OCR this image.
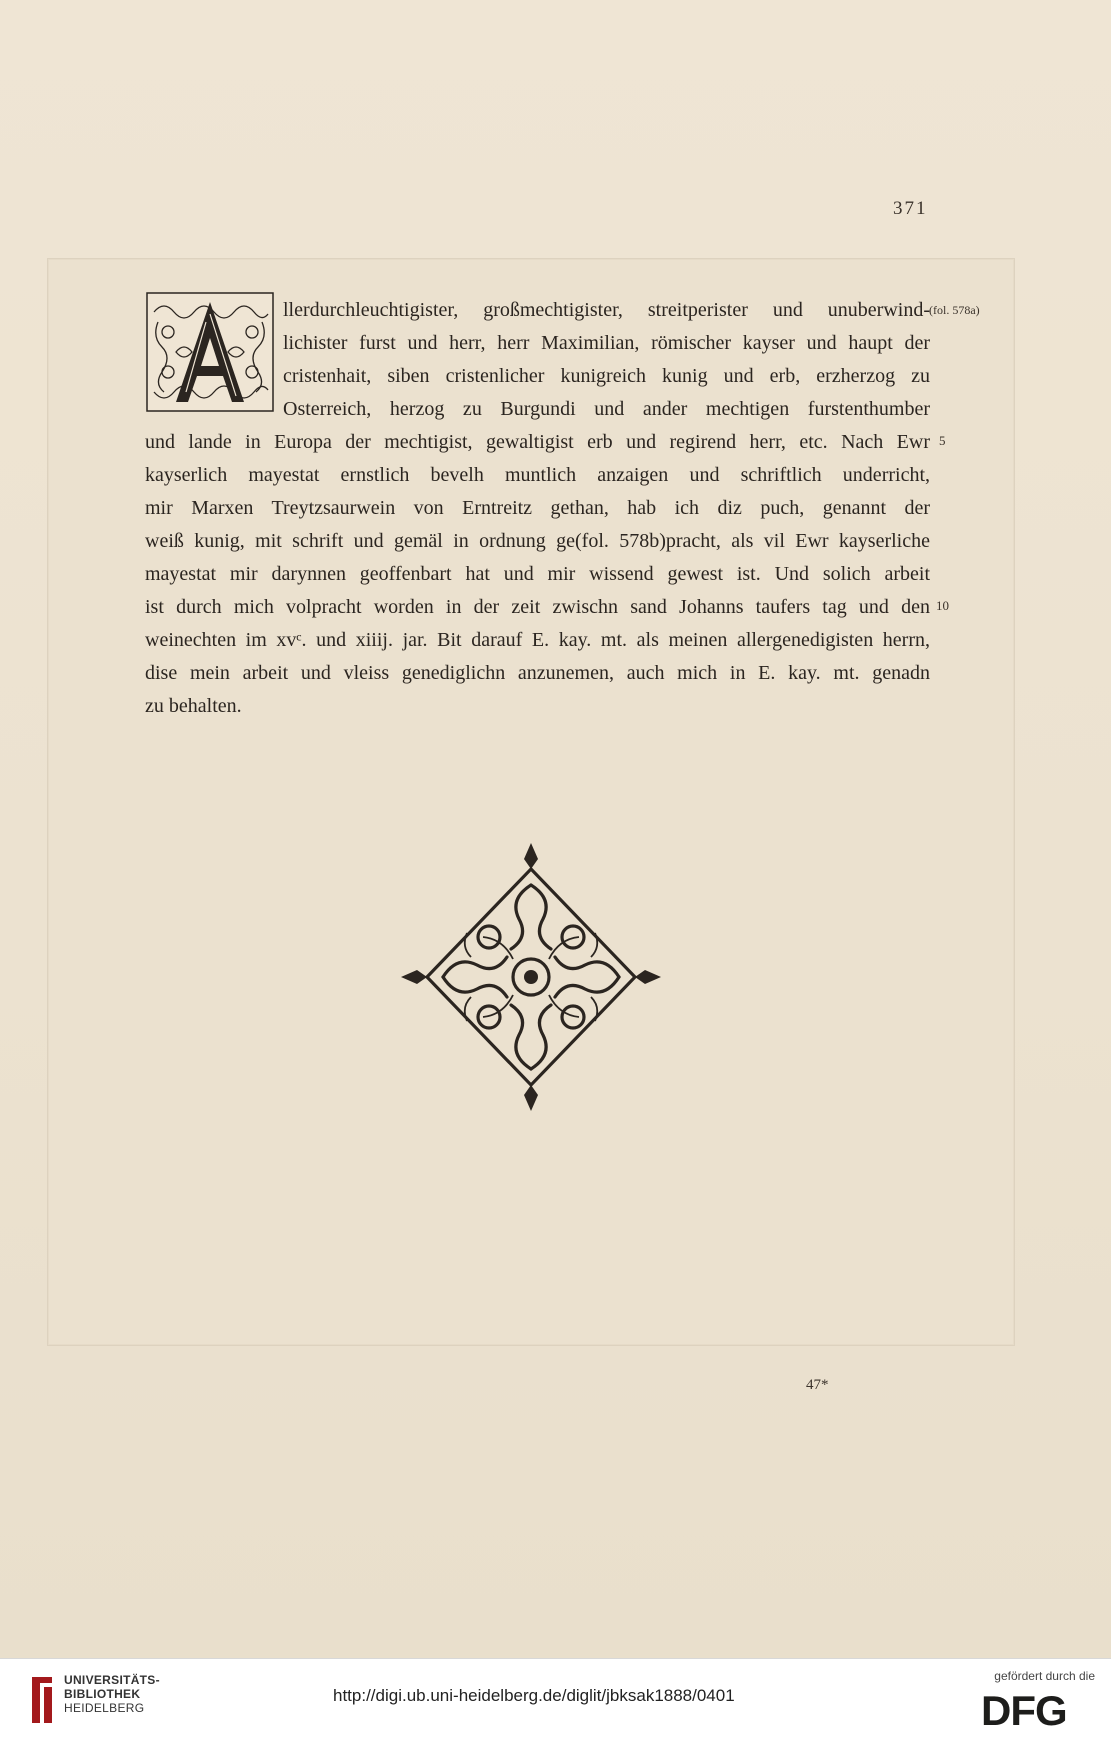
371
llerdurchleuchtigister, großmechtigister, streitperister und unuberwind-
lichister furst und herr, herr Maximilian, römischer kayser und haupt der
cristenhait, siben cristenlicher kunigreich kunig und erb, erzherzog zu
Osterreich, herzog zu Burgundi und ander mechtigen furstenthumber
und lande in Europa der mechtigist, gewaltigist erb und regirend herr, etc. Nach Ewr
kayserlich mayestat ernstlich bevelh muntlich anzaigen und schriftlich underricht,
mir Marxen Treytzsaurwein von Erntreitz gethan, hab ich diz puch, genannt der
weiß kunig, mit schrift und gemäl in ordnung ge(fol. 578b)pracht, als vil Ewr kayserliche
mayestat mir darynnen geoffenbart hat und mir wissend gewest ist. Und solich arbeit
ist durch mich volpracht worden in der zeit zwischn sand Johanns taufers tag und den
weinechten im xvᶜ. und xiiij. jar. Bit darauf E. kay. mt. als meinen allergenedigisten herrn,
dise mein arbeit und vleiss genediglichn anzunemen, auch mich in E. kay. mt. genadn
zu behalten.
(fol. 578a)
5
10
47*
UNIVERSITÄTS-
BIBLIOTHEK
HEIDELBERG
http://digi.ub.uni-heidelberg.de/diglit/jbksak1888/0401
gefördert durch die
DFG
